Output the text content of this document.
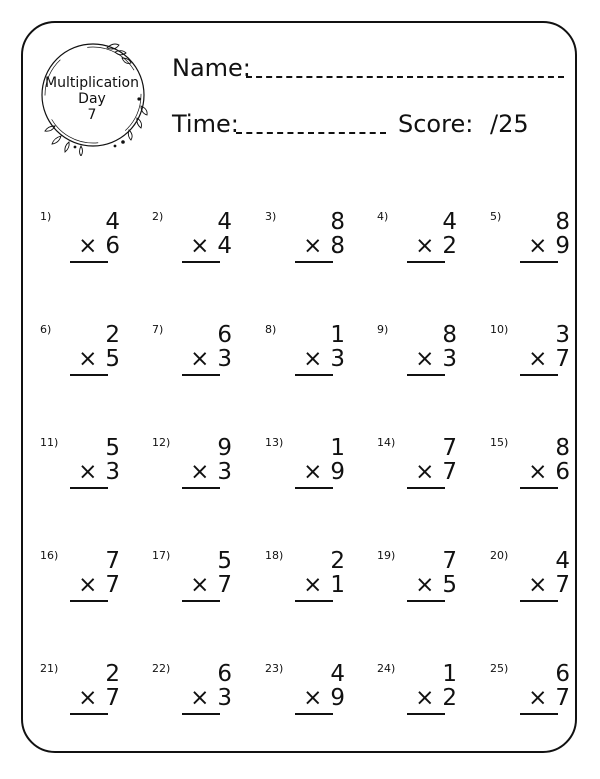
Multiplication
Day
7
Name:
Time:	Score: /25
1) 4
× 6
2) 4
× 4
3) 8
× 8
4) 4
× 2
5) 8
× 9
6) 2
× 5
7) 6
× 3
8) 1
× 3
9) 8
× 3
10) 3
× 7
11) 5
× 3
12) 9
× 3
13) 1
× 9
14) 7
× 7
15) 8
× 6
16) 7
× 7
17) 5
× 7
18) 2
× 1
19) 7
× 5
20) 4
× 7
21) 2
× 7
22) 6
× 3
23) 4
× 9
24) 1
× 2
25) 6
× 7
